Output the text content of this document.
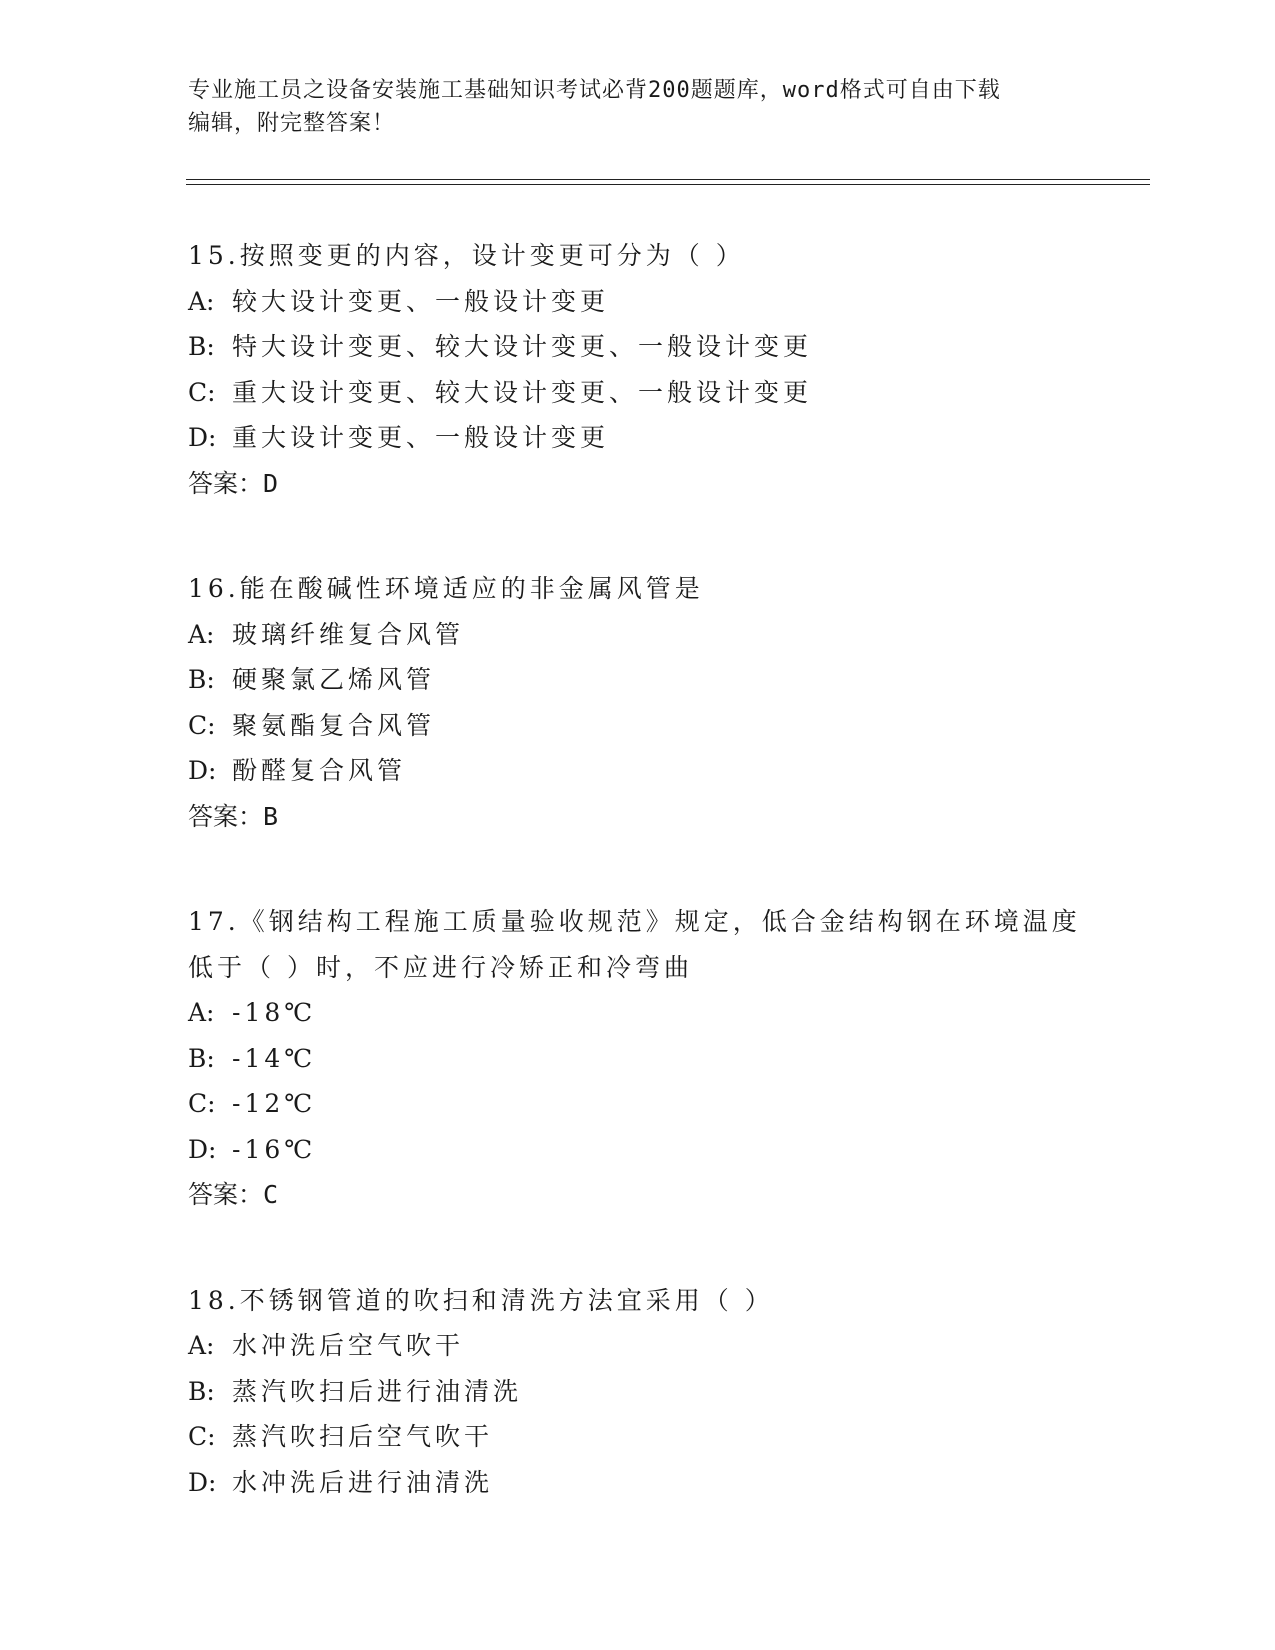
专业施工员之设备安装施工基础知识考试必背200题题库，word格式可自由下载
编辑，附完整答案！
15.按照变更的内容，设计变更可分为（ ）
A: 较大设计变更、一般设计变更
B: 特大设计变更、较大设计变更、一般设计变更
C: 重大设计变更、较大设计变更、一般设计变更
D: 重大设计变更、一般设计变更
答案：D
16.能在酸碱性环境适应的非金属风管是
A: 玻璃纤维复合风管
B: 硬聚氯乙烯风管
C: 聚氨酯复合风管
D: 酚醛复合风管
答案：B
17.《钢结构工程施工质量验收规范》规定，低合金结构钢在环境温度
低于（ ）时，不应进行冷矫正和冷弯曲
A: -18℃
B: -14℃
C: -12℃
D: -16℃
答案：C
18.不锈钢管道的吹扫和清洗方法宜采用（ ）
A: 水冲洗后空气吹干
B: 蒸汽吹扫后进行油清洗
C: 蒸汽吹扫后空气吹干
D: 水冲洗后进行油清洗
